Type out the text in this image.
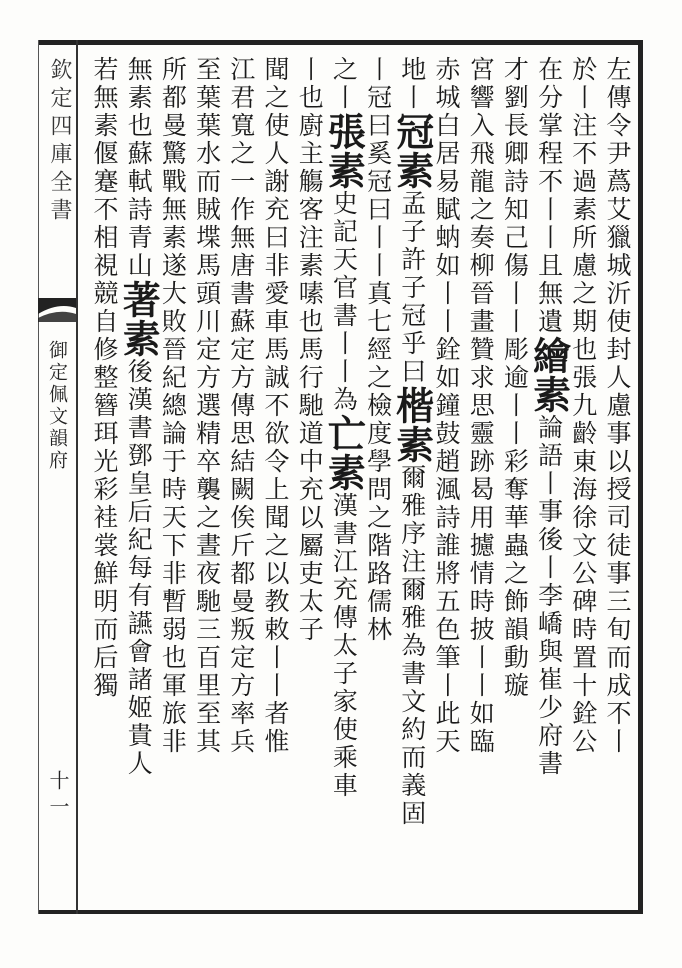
欽定四庫全書
御定佩文韻府
十一
左傳令尹蔿艾獵城沂使封人慮事以授司徒事三旬而成不丨
於丨注不過素所慮之期也張九齡東海徐文公碑時置十銓公
在分掌程不丨丨且無遺繪素論語丨事後丨李嶠與崔少府書
才劉長卿詩知己傷丨丨彫逾丨丨彩奪華蟲之飾韻動璇
宮響入飛龍之奏柳晉畫贊求思靈跡曷用攄情時披丨丨如臨
赤城白居易賦蚋如丨丨銓如鐘鼓趙渢詩誰將五色筆丨此天
地丨冠素孟子許子冠乎曰楷素爾雅序注爾雅為書文約而義固
丨冠曰奚冠曰丨丨真七經之檢度學問之階路儒林
之丨張素史記天官書丨丨為亡素漢書江充傳太子家使乘車
丨也廚主觴客注素嗉也馬行馳道中充以屬吏太子
聞之使人謝充曰非愛車馬誠不欲令上聞之以教敕丨丨者惟
江君寬之一作無唐書蘇定方傳思結闕俟斤都曼叛定方率兵
至葉葉水而賊堞馬頭川定方選精卒襲之晝夜馳三百里至其
所都曼驚戰無素遂大敗晉紀總論于時天下非暫弱也軍旅非
無素也蘇軾詩青山著素後漢書鄧皇后紀每有讌會諸姬貴人
若無素偃蹇不相視競自修整簪珥光彩袿裳鮮明而后獨
